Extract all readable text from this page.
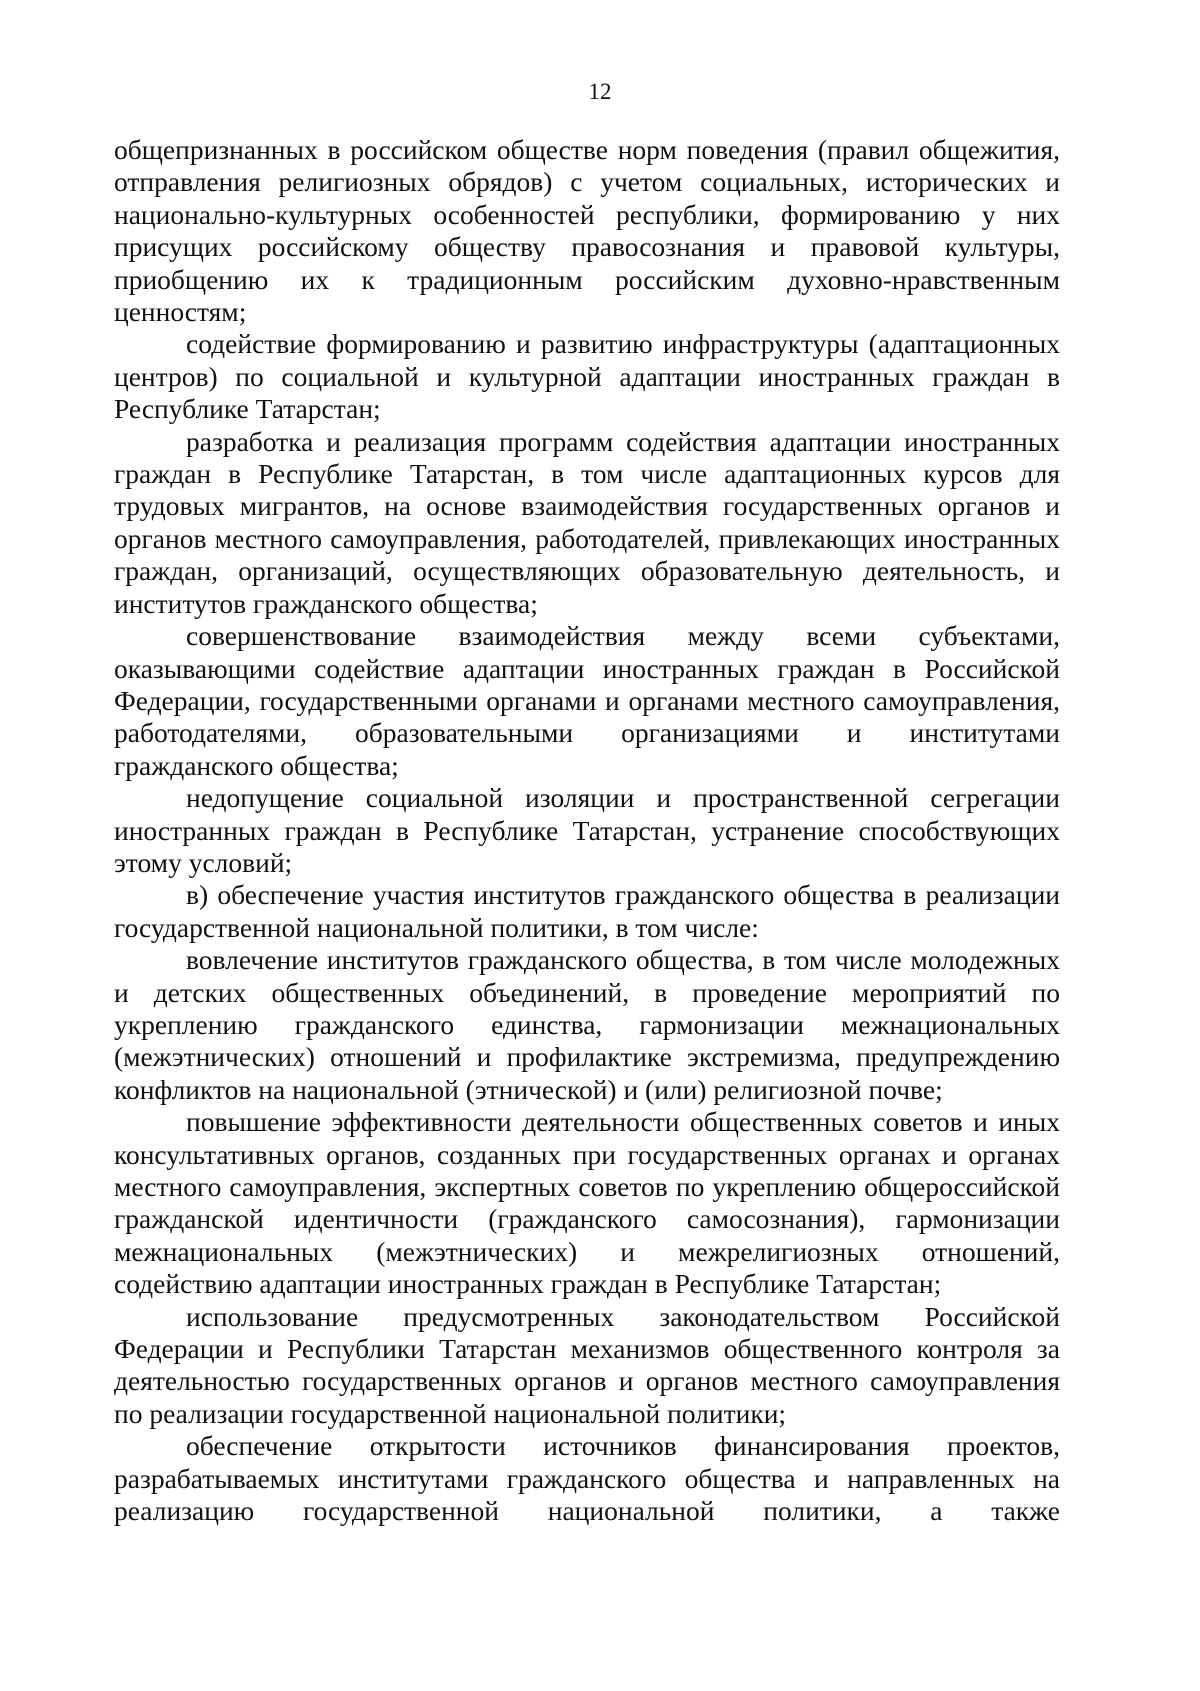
12

общепризнанных в российском обществе норм поведения (правил общежития, отправления религиозных обрядов) с учетом социальных, исторических и национально-культурных особенностей республики, формированию у них присущих российскому обществу правосознания и правовой культуры, приобщению их к традиционным российским духовно-нравственным ценностям;

содействие формированию и развитию инфраструктуры (адаптационных центров) по социальной и культурной адаптации иностранных граждан в Республике Татарстан;

разработка и реализация программ содействия адаптации иностранных граждан в Республике Татарстан, в том числе адаптационных курсов для трудовых мигрантов, на основе взаимодействия государственных органов и органов местного самоуправления, работодателей, привлекающих иностранных граждан, организаций, осуществляющих образовательную деятельность, и институтов гражданского общества;

совершенствование взаимодействия между всеми субъектами, оказывающими содействие адаптации иностранных граждан в Российской Федерации, государственными органами и органами местного самоуправления, работодателями, образовательными организациями и институтами гражданского общества;

недопущение социальной изоляции и пространственной сегрегации иностранных граждан в Республике Татарстан, устранение способствующих этому условий;

в) обеспечение участия институтов гражданского общества в реализации государственной национальной политики, в том числе:

вовлечение институтов гражданского общества, в том числе молодежных и детских общественных объединений, в проведение мероприятий по укреплению гражданского единства, гармонизации межнациональных (межэтнических) отношений и профилактике экстремизма, предупреждению конфликтов на национальной (этнической) и (или) религиозной почве;

повышение эффективности деятельности общественных советов и иных консультативных органов, созданных при государственных органах и органах местного самоуправления, экспертных советов по укреплению общероссийской гражданской идентичности (гражданского самосознания), гармонизации межнациональных (межэтнических) и межрелигиозных отношений, содействию адаптации иностранных граждан в Республике Татарстан;

использование предусмотренных законодательством Российской Федерации и Республики Татарстан механизмов общественного контроля за деятельностью государственных органов и органов местного самоуправления по реализации государственной национальной политики;

обеспечение открытости источников финансирования проектов, разрабатываемых институтами гражданского общества и направленных на реализацию государственной национальной политики, а также
